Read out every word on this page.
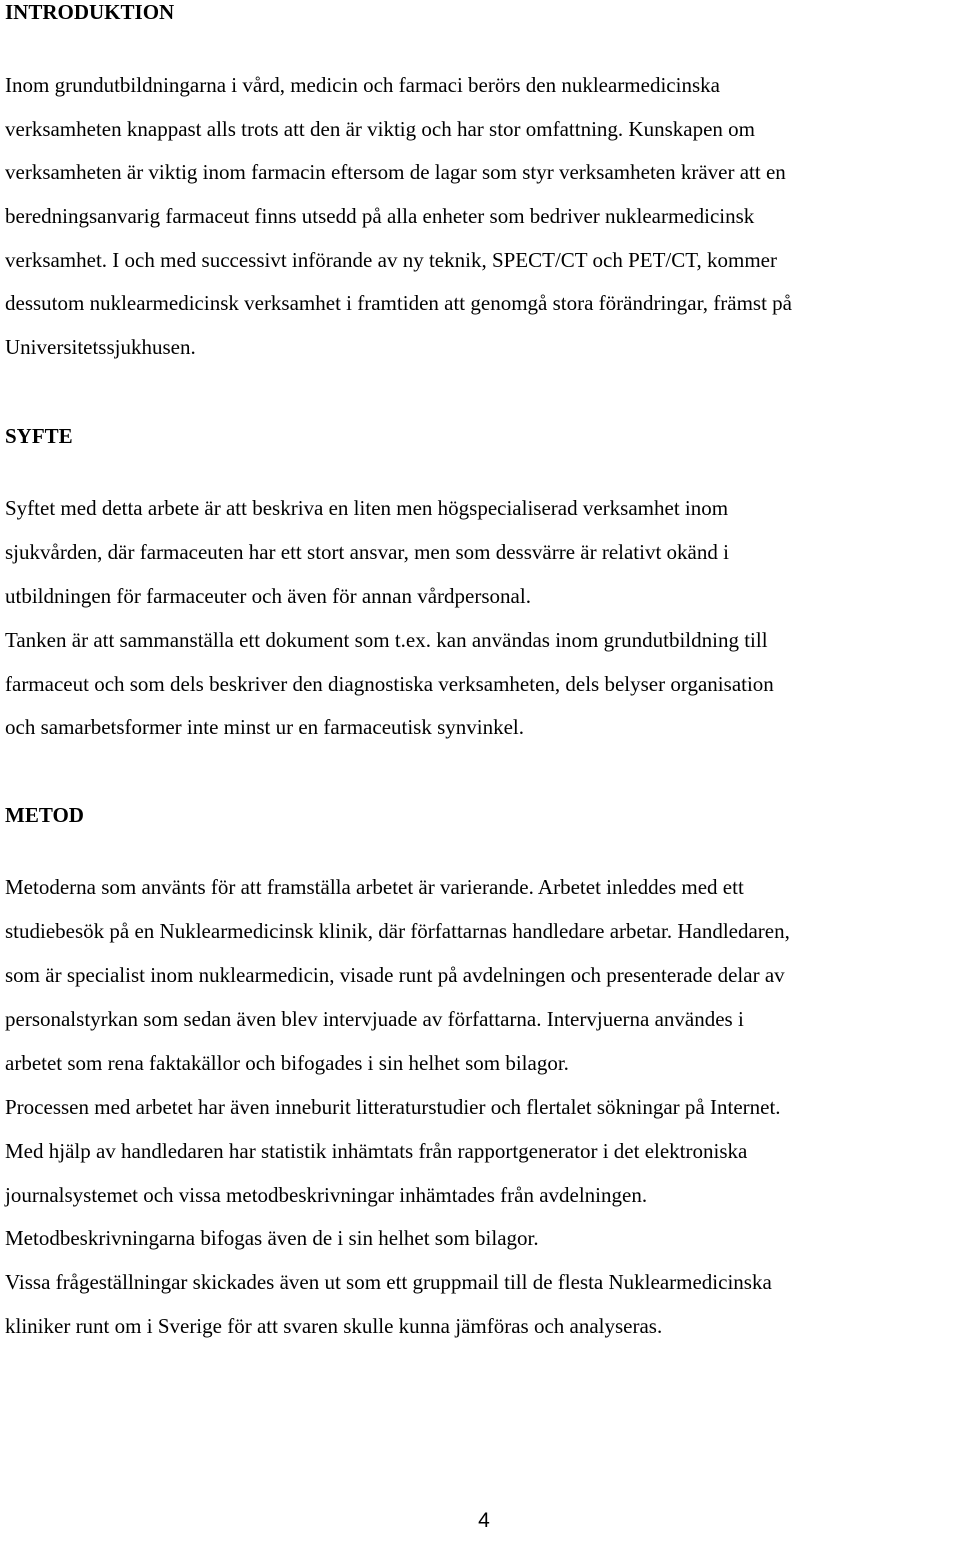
INTRODUKTION
Inom grundutbildningarna i vård, medicin och farmaci berörs den nuklearmedicinska
verksamheten knappast alls trots att den är viktig och har stor omfattning. Kunskapen om
verksamheten är viktig inom farmacin eftersom de lagar som styr verksamheten kräver att en
beredningsanvarig farmaceut finns utsedd på alla enheter som bedriver nuklearmedicinsk
verksamhet. I och med successivt införande av ny teknik, SPECT/CT och PET/CT, kommer
dessutom nuklearmedicinsk verksamhet i framtiden att genomgå stora förändringar, främst på
Universitetssjukhusen.
SYFTE
Syftet med detta arbete är att beskriva en liten men högspecialiserad verksamhet inom
sjukvården, där farmaceuten har ett stort ansvar, men som dessvärre är relativt okänd i
utbildningen för farmaceuter och även för annan vårdpersonal.
Tanken är att sammanställa ett dokument som t.ex. kan användas inom grundutbildning till
farmaceut och som dels beskriver den diagnostiska verksamheten, dels belyser organisation
och samarbetsformer inte minst ur en farmaceutisk synvinkel.
METOD
Metoderna som använts för att framställa arbetet är varierande. Arbetet inleddes med ett
studiebesök på en Nuklearmedicinsk klinik, där författarnas handledare arbetar. Handledaren,
som är specialist inom nuklearmedicin, visade runt på avdelningen och presenterade delar av
personalstyrkan som sedan även blev intervjuade av författarna. Intervjuerna användes i
arbetet som rena faktakällor och bifogades i sin helhet som bilagor.
Processen med arbetet har även inneburit litteraturstudier och flertalet sökningar på Internet.
Med hjälp av handledaren har statistik inhämtats från rapportgenerator i det elektroniska
journalsystemet och vissa metodbeskrivningar inhämtades från avdelningen.
Metodbeskrivningarna bifogas även de i sin helhet som bilagor.
Vissa frågeställningar skickades även ut som ett gruppmail till de flesta Nuklearmedicinska
kliniker runt om i Sverige för att svaren skulle kunna jämföras och analyseras.
4
